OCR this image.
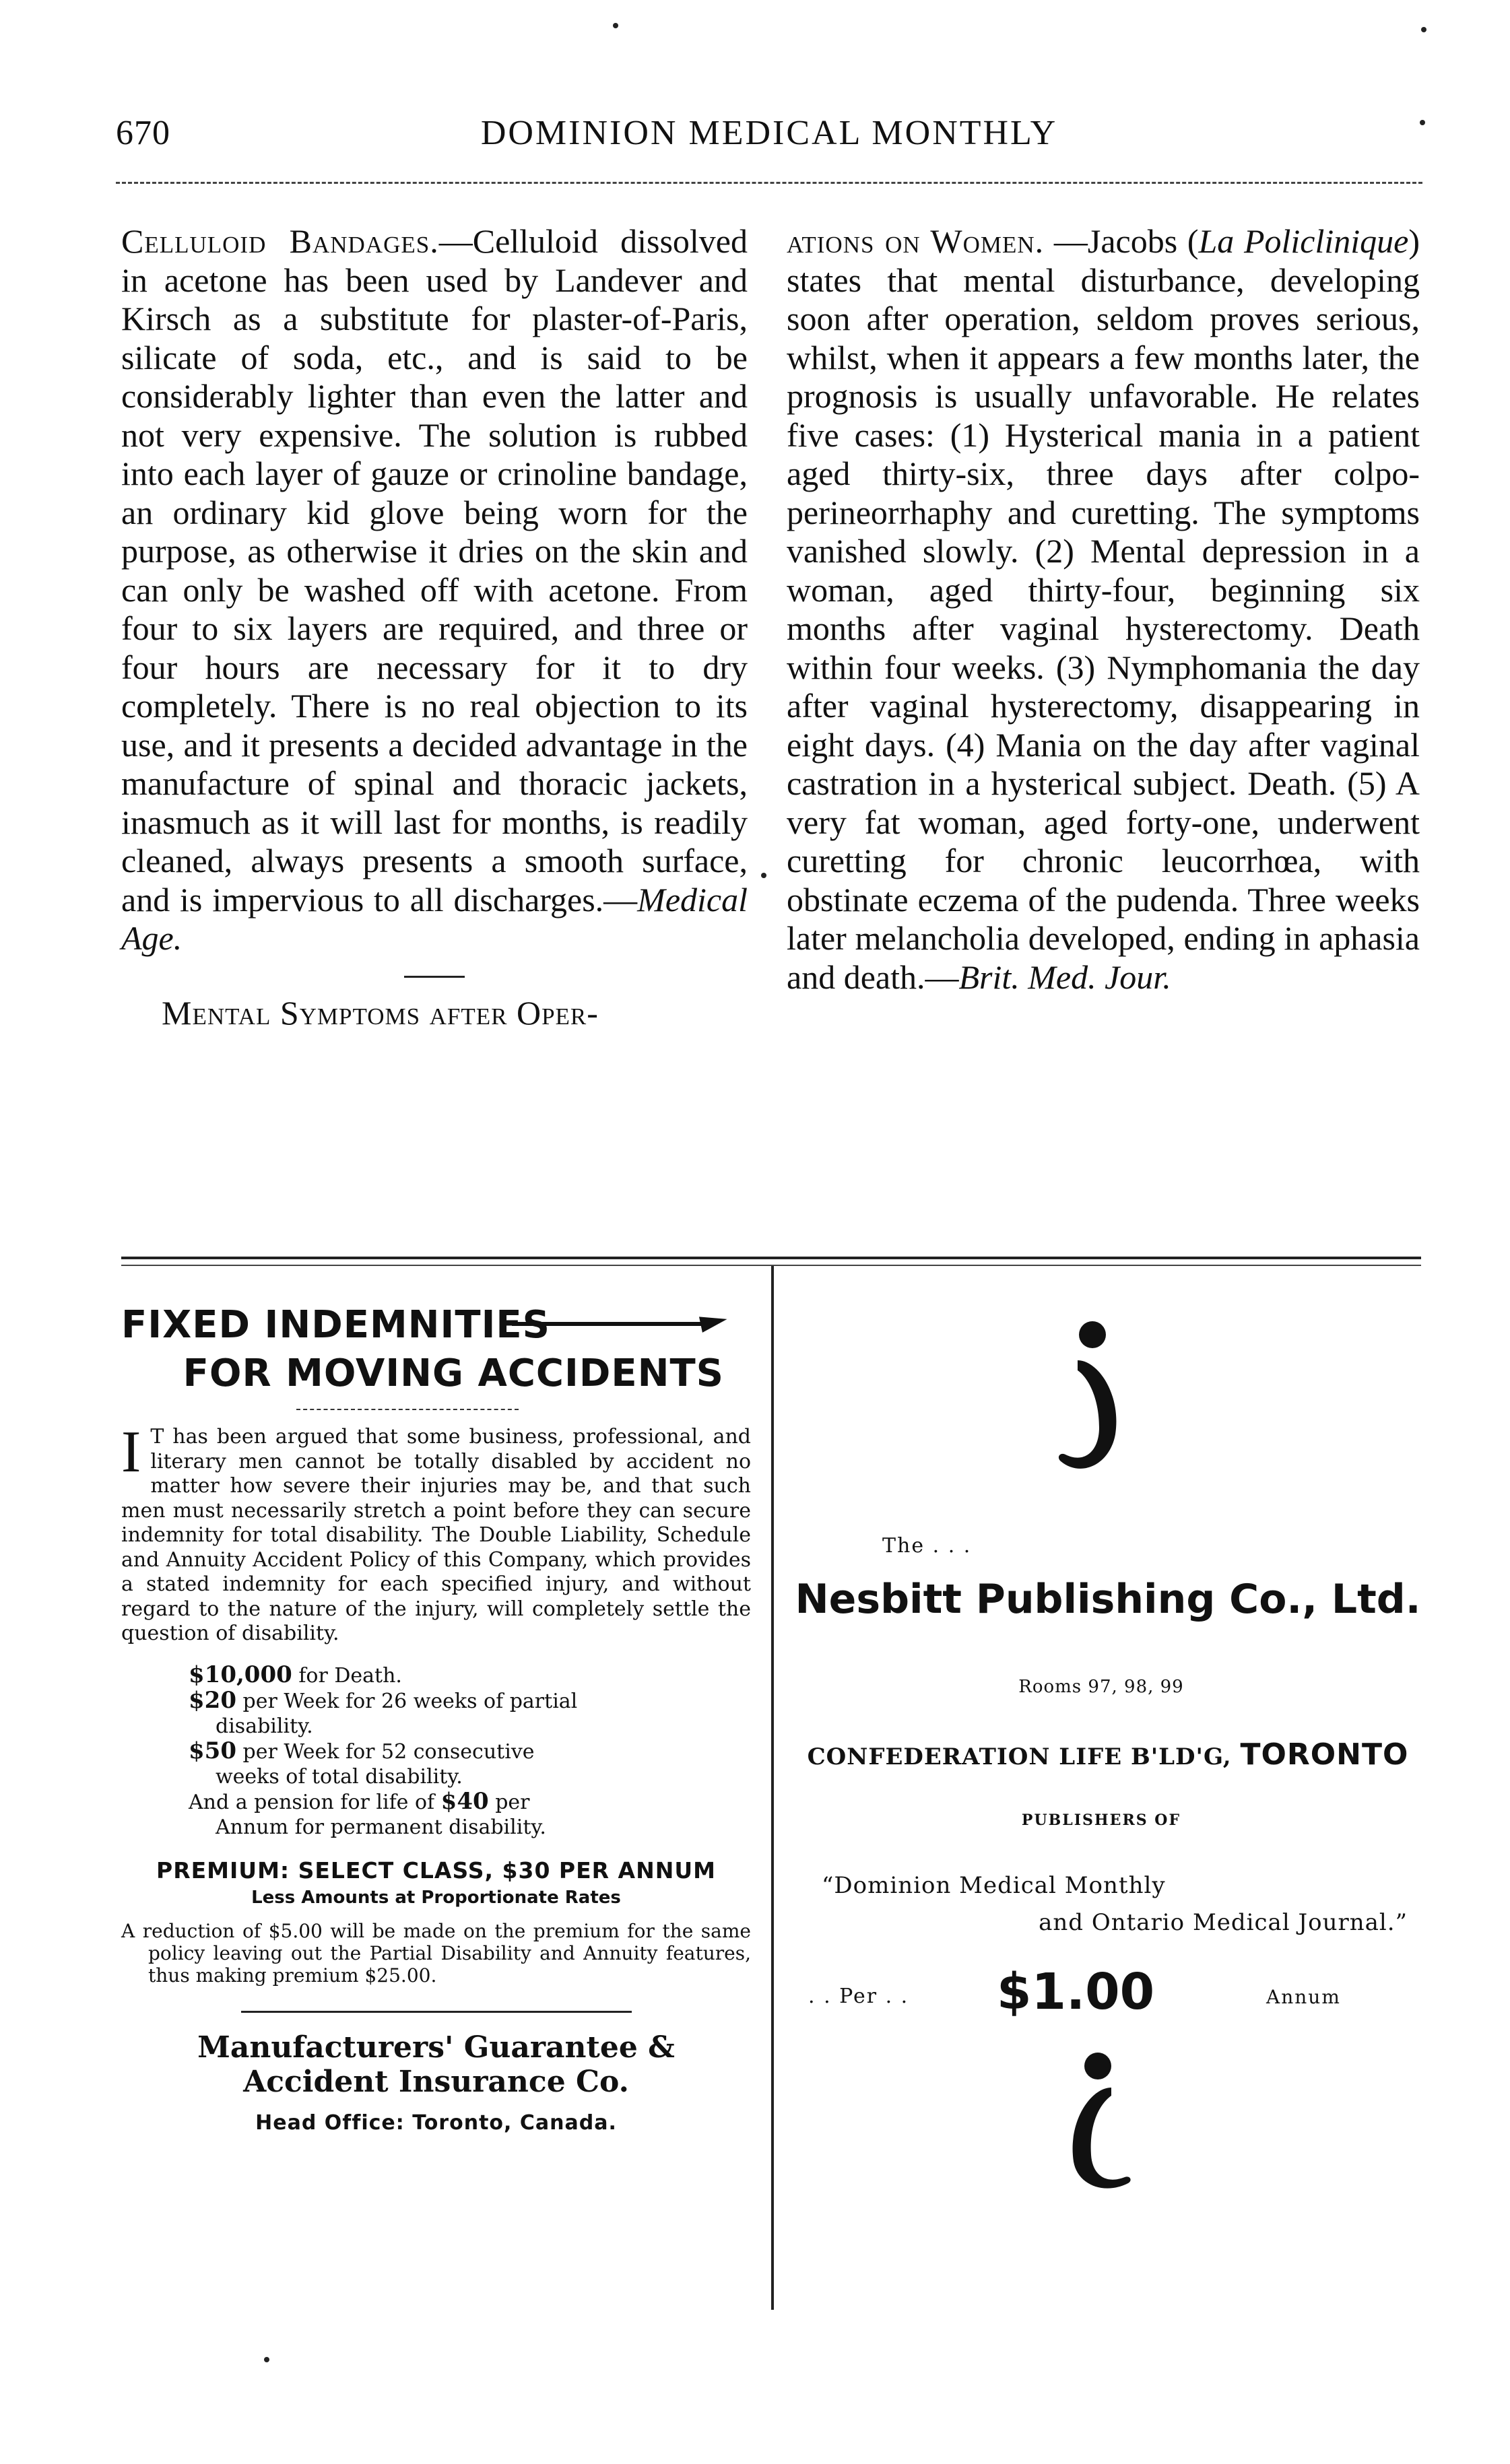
670	DOMINION MEDICAL MONTHLY

Celluloid Bandages.—Celluloid dissolved in acetone has been used by Landever and Kirsch as a substitute for plaster-of-Paris, silicate of soda, etc., and is said to be considerably lighter than even the latter and not very expensive. The solution is rubbed into each layer of gauze or crinoline bandage, an ordinary kid glove being worn for the purpose, as otherwise it dries on the skin and can only be washed off with acetone. From four to six layers are required, and three or four hours are necessary for it to dry completely. There is no real objection to its use, and it presents a decided advantage in the manufacture of spinal and thoracic jackets, inasmuch as it will last for months, is readily cleaned, always presents a smooth surface, and is impervious to all discharges.—Medical Age.

Mental Symptoms after Oper-

ations on Women. —Jacobs (La Policlinique) states that mental disturbance, developing soon after operation, seldom proves serious, whilst, when it appears a few months later, the prognosis is usually unfavorable. He relates five cases: (1) Hysterical mania in a patient aged thirty-six, three days after colpo-perineorrhaphy and curetting. The symptoms vanished slowly. (2) Mental depression in a woman, aged thirty-four, beginning six months after vaginal hysterectomy. Death within four weeks. (3) Nymphomania the day after vaginal hysterectomy, disappearing in eight days. (4) Mania on the day after vaginal castration in a hysterical subject. Death. (5) A very fat woman, aged forty-one, underwent curetting for chronic leucorrhœa, with obstinate eczema of the pudenda. Three weeks later melancholia developed, ending in aphasia and death.—Brit. Med. Jour.

FIXED INDEMNITIES
FOR MOVING ACCIDENTS
I T has been argued that some business, professional, and literary men cannot be totally disabled by accident no matter how severe their injuries may be, and that such men must necessarily stretch a point before they can secure indemnity for total disability. The Double Liability, Schedule and Annuity Accident Policy of this Company, which provides a stated indemnity for each specified injury, and without regard to the nature of the injury, will completely settle the question of disability.
$10,000 for Death.
$20 per Week for 26 weeks of partial
disability.
$50 per Week for 52 consecutive
weeks of total disability.
And a pension for life of $40 per
Annum for permanent disability.
PREMIUM: SELECT CLASS, $30 PER ANNUM
Less Amounts at Proportionate Rates
A reduction of $5.00 will be made on the premium for the same policy leaving out the Partial Disability and Annuity features, thus making premium $25.00.
Manufacturers' Guarantee & Accident Insurance Co.
Head Office: Toronto, Canada.
The . . .
Nesbitt Publishing Co., Ltd.
Rooms 97, 98, 99
CONFEDERATION LIFE B'LD'G, TORONTO
PUBLISHERS OF
“Dominion Medical Monthly
and Ontario Medical Journal.”
. . Per . . $1.00	Annum
